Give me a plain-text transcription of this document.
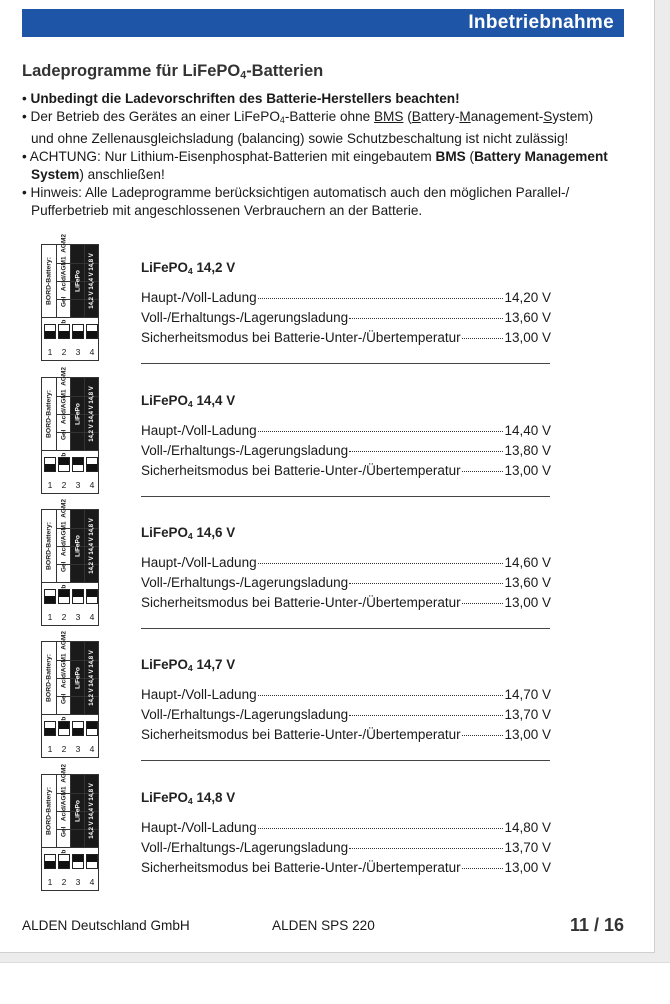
Inbetriebnahme
Ladeprogramme für LiFePO$_4$-Batterien

• Unbedingt die Ladevorschriften des Batterie-Herstellers beachten!

• Der Betrieb des Gerätes an einer LiFePO$_4$-Batterie ohne BMS (Battery-Management-System)
und ohne Zellenausgleichsladung (balancing) sowie Schutzbeschaltung ist nicht zulässig!

• ACHTUNG: Nur Lithium-Eisenphosphat-Batterien mit eingebautem BMS (Battery Management System) anschließen!

• Hinweis: Alle Ladeprogramme berücksichtigen automatisch auch den möglichen Parallel-/ Pufferbetrieb mit angeschlossenen Verbrauchern an der Batterie.

BORD-Battery: Gel   Acid/AGM1  AGM2
LiFePo
14,2 V 14,4 V 14,8 V
1	2	3	4
LiFePO$_4$ 14,2 V
Haupt-/Voll-Ladung	14,20 V
Voll-/Erhaltungs-/Lagerungsladung	13,60 V
Sicherheitsmodus bei Batterie-Unter-/Übertemperatur	13,00 V
BORD-Battery: Gel   Acid/AGM1  AGM2
LiFePo
14,2 V 14,4 V 14,8 V
1	2	3	4
LiFePO$_4$ 14,4 V
Haupt-/Voll-Ladung	14,40 V
Voll-/Erhaltungs-/Lagerungsladung	13,80 V
Sicherheitsmodus bei Batterie-Unter-/Übertemperatur	13,00 V
BORD-Battery: Gel   Acid/AGM1  AGM2
LiFePo
14,2 V 14,4 V 14,8 V
1	2	3	4
LiFePO$_4$ 14,6 V
Haupt-/Voll-Ladung	14,60 V
Voll-/Erhaltungs-/Lagerungsladung	13,60 V
Sicherheitsmodus bei Batterie-Unter-/Übertemperatur	13,00 V
BORD-Battery: Gel   Acid/AGM1  AGM2
LiFePo
14,2 V 14,4 V 14,8 V
1	2	3	4
LiFePO$_4$ 14,7 V
Haupt-/Voll-Ladung	14,70 V
Voll-/Erhaltungs-/Lagerungsladung	13,70 V
Sicherheitsmodus bei Batterie-Unter-/Übertemperatur	13,00 V
BORD-Battery: Gel   Acid/AGM1  AGM2
LiFePo
14,2 V 14,4 V 14,8 V
1	2	3	4
LiFePO$_4$ 14,8 V
Haupt-/Voll-Ladung	14,80 V
Voll-/Erhaltungs-/Lagerungsladung	13,70 V
Sicherheitsmodus bei Batterie-Unter-/Übertemperatur	13,00 V
ALDEN Deutschland GmbH	ALDEN SPS 220	11 / 16
